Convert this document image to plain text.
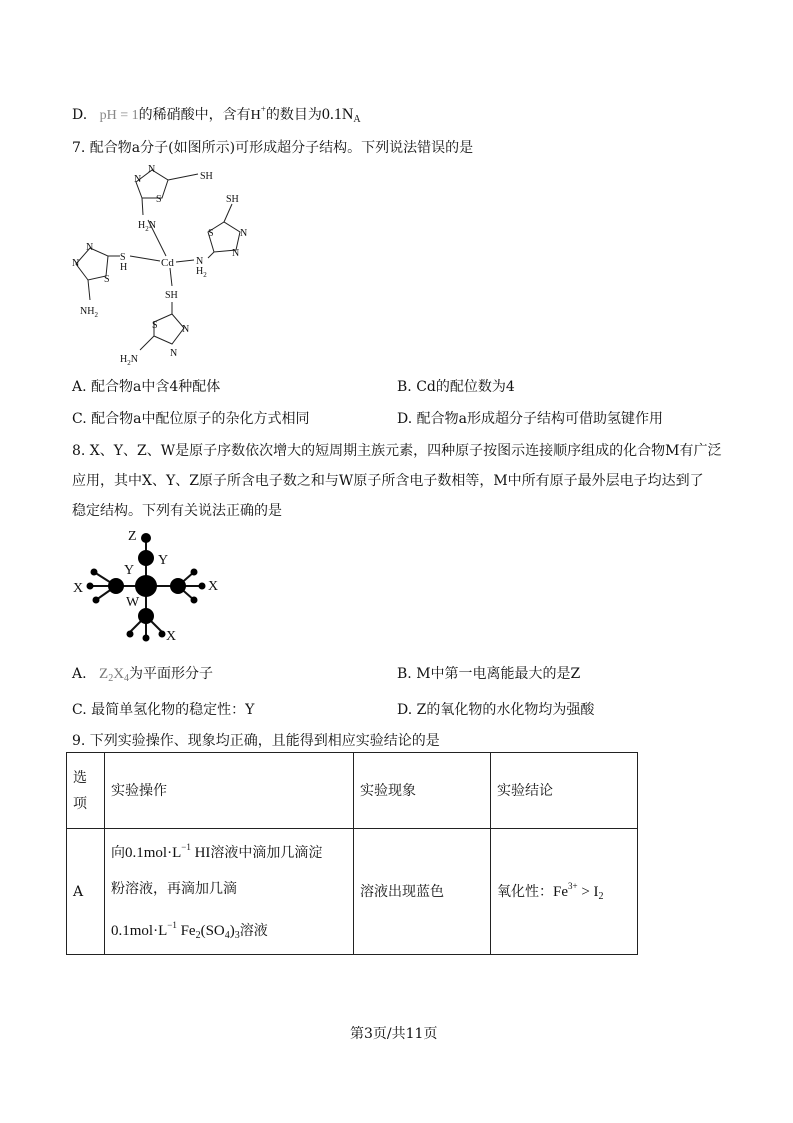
D. pH = 1的稀硝酸中，含有H+的数目为$0.1N_A$
7. 配合物a分子(如图所示)可形成超分子结构。下列说法错误的是
N
N
S
SH
$H_2N$
S	N
N
SH
N
$H_2$
Cd
N
N
S
S
H
$NH_2$
SH
S N
N
$H_2N$
A. 配合物a中含4种配体	B. Cd的配位数为4
C. 配合物a中配位原子的杂化方式相同	D. 配合物a形成超分子结构可借助氢键作用
8. X、Y、Z、W是原子序数依次增大的短周期主族元素，四种原子按图示连接顺序组成的化合物M有广泛
应用，其中X、Y、Z原子所含电子数之和与W原子所含电子数相等，M中所有原子最外层电子均达到了
稳定结构。下列有关说法正确的是
Z
Y
Y
X	X
W
X
A. $Z_2X_4$为平面形分子	B. M中第一电离能最大的是Z
C. 最简单氢化物的稳定性：Y	D. Z的氧化物的水化物均为强酸
9. 下列实验操作、现象均正确，且能得到相应实验结论的是
选
项	实验操作	实验现象	实验结论
A	向$0.1mol\cdot L^{-1}$ HI溶液中滴加几滴淀
粉溶液，再滴加几滴
$0.1mol\cdot L^{-1}$ $Fe_2(SO_4)_3$溶液	溶液出现蓝色	氧化性：$Fe^{3+} > I_2$
第3页/共11页
